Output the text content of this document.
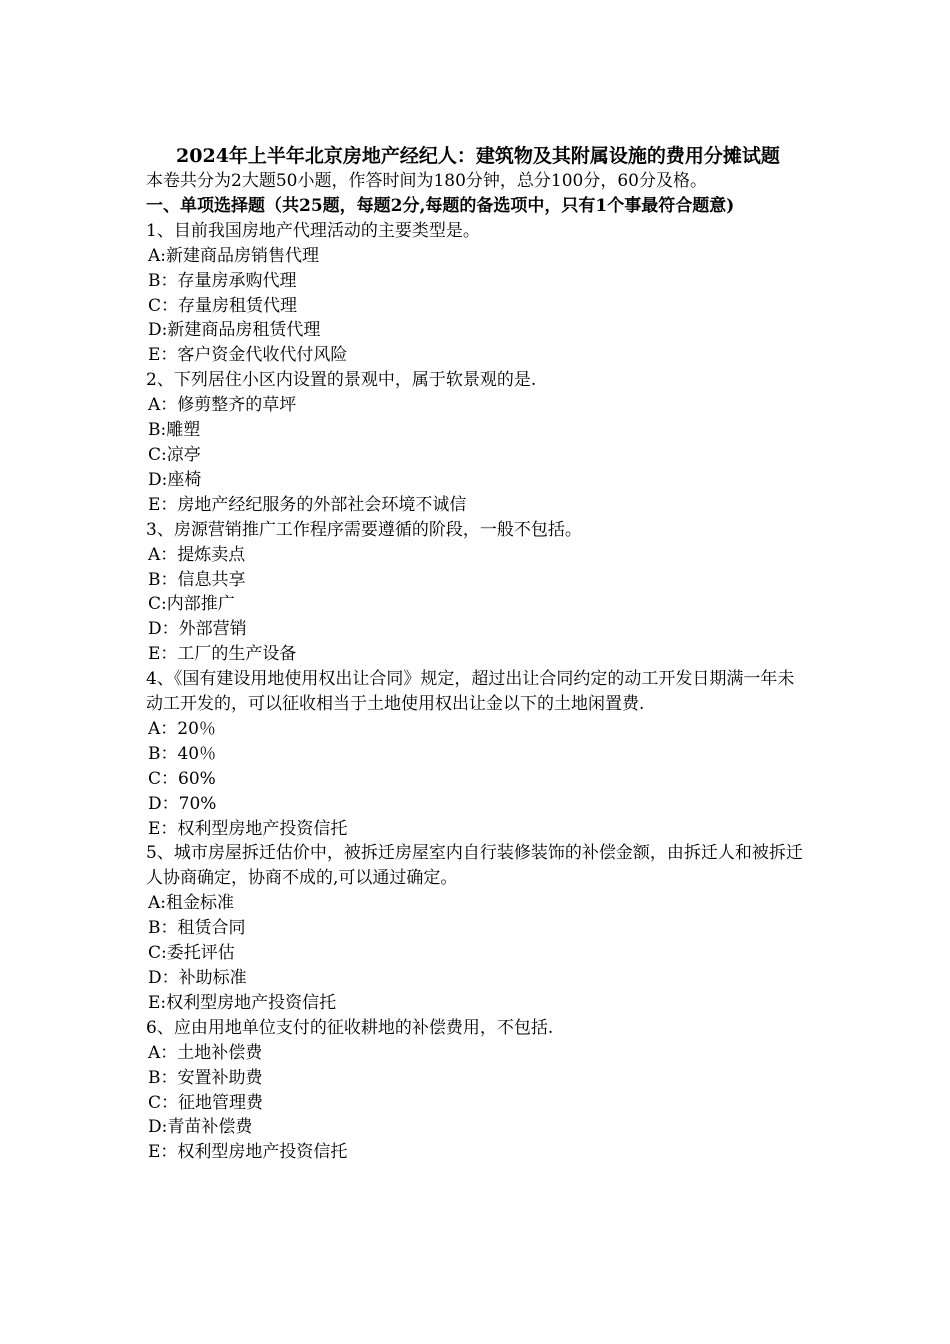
2024年上半年北京房地产经纪人：建筑物及其附属设施的费用分摊试题

本卷共分为2大题50小题，作答时间为180分钟，总分100分，60分及格。

一、单项选择题（共25题，每题2分,每题的备选项中，只有1个事最符合题意)

1、目前我国房地产代理活动的主要类型是。

A:新建商品房销售代理

B：存量房承购代理

C：存量房租赁代理

D:新建商品房租赁代理

E：客户资金代收代付风险

2、下列居住小区内设置的景观中，属于软景观的是.

A：修剪整齐的草坪

B:雕塑

C:凉亭

D:座椅

E：房地产经纪服务的外部社会环境不诚信

3、房源营销推广工作程序需要遵循的阶段，一般不包括。

A：提炼卖点

B：信息共享

C:内部推广

D：外部营销

E：工厂的生产设备

4、《国有建设用地使用权出让合同》规定，超过出让合同约定的动工开发日期满一年未动工开发的，可以征收相当于土地使用权出让金以下的土地闲置费.

A：20％

B：40％

C：60%

D：70%

E：权利型房地产投资信托

5、城市房屋拆迁估价中，被拆迁房屋室内自行装修装饰的补偿金额，由拆迁人和被拆迁人协商确定，协商不成的,可以通过确定。

A:租金标准

B：租赁合同

C:委托评估

D：补助标准

E:权利型房地产投资信托

6、应由用地单位支付的征收耕地的补偿费用，不包括.

A：土地补偿费

B：安置补助费

C：征地管理费

D:青苗补偿费

E：权利型房地产投资信托
